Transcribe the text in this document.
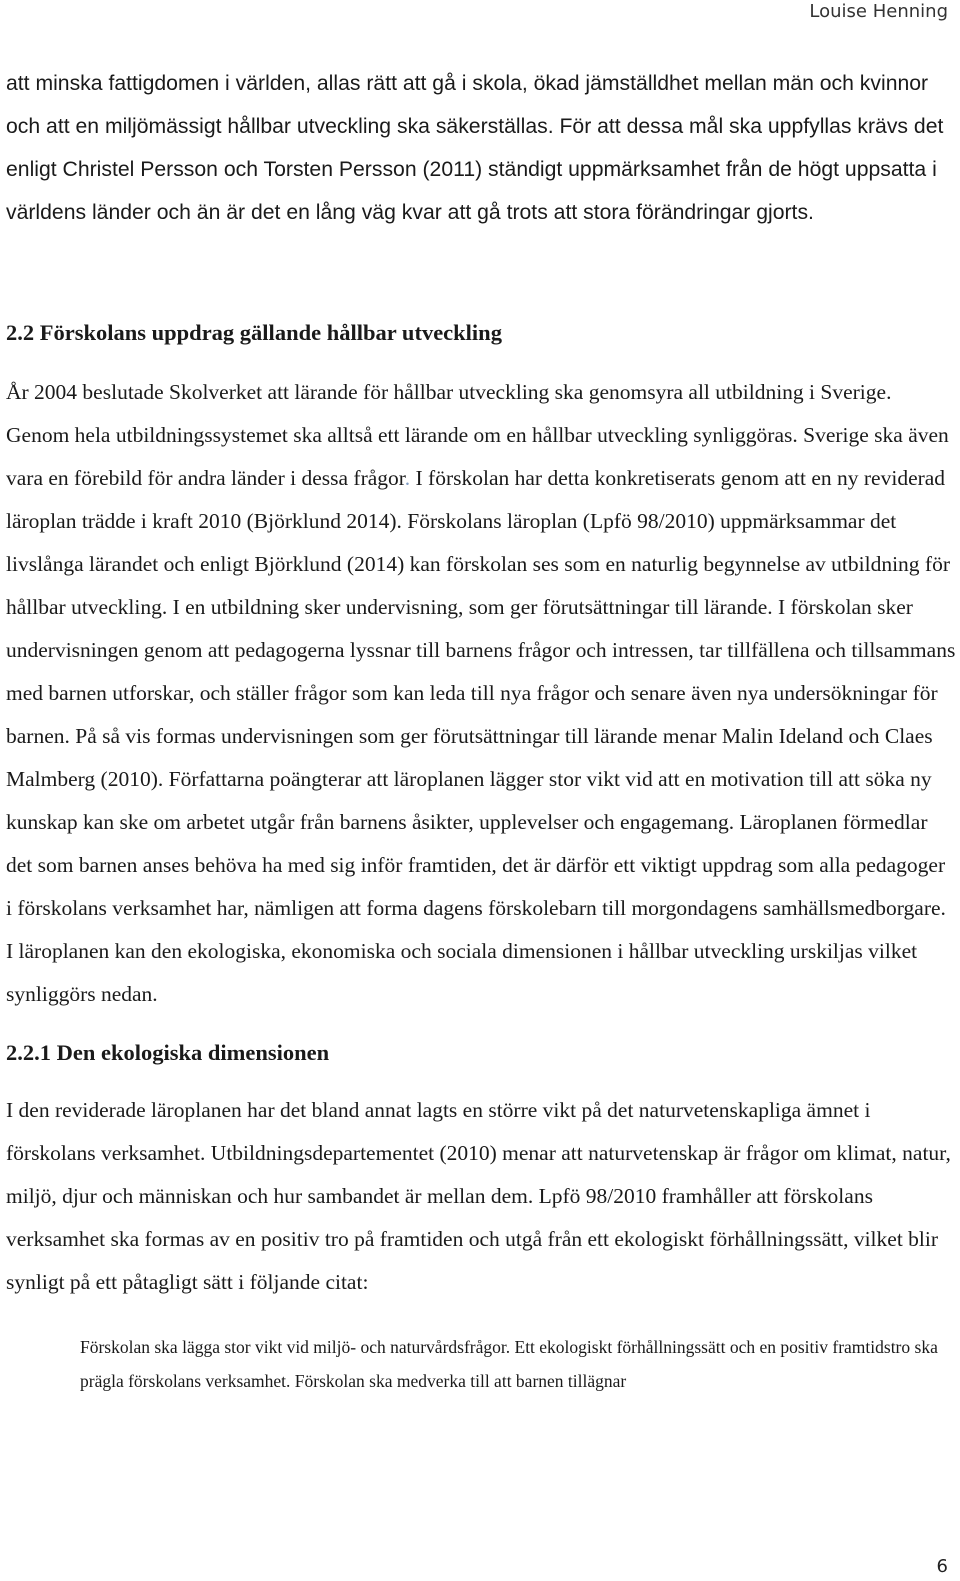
Louise Henning

att minska fattigdomen i världen, allas rätt att gå i skola, ökad jämställdhet mellan män och kvinnor och att en miljömässigt hållbar utveckling ska säkerställas. För att dessa mål ska uppfyllas krävs det enligt Christel Persson och Torsten Persson (2011) ständigt uppmärksamhet från de högt uppsatta i världens länder och än är det en lång väg kvar att gå trots att stora förändringar gjorts.

2.2 Förskolans uppdrag gällande hållbar utveckling

År 2004 beslutade Skolverket att lärande för hållbar utveckling ska genomsyra all utbildning i Sverige. Genom hela utbildningssystemet ska alltså ett lärande om en hållbar utveckling synliggöras. Sverige ska även vara en förebild för andra länder i dessa frågor. I förskolan har detta konkretiserats genom att en ny reviderad läroplan trädde i kraft 2010 (Björklund 2014). Förskolans läroplan (Lpfö 98/2010) uppmärksammar det livslånga lärandet och enligt Björklund (2014) kan förskolan ses som en naturlig begynnelse av utbildning för hållbar utveckling. I en utbildning sker undervisning, som ger förutsättningar till lärande. I förskolan sker undervisningen genom att pedagogerna lyssnar till barnens frågor och intressen, tar tillfällena och tillsammans med barnen utforskar, och ställer frågor som kan leda till nya frågor och senare även nya undersökningar för barnen. På så vis formas undervisningen som ger förutsättningar till lärande menar Malin Ideland och Claes Malmberg (2010). Författarna poängterar att läroplanen lägger stor vikt vid att en motivation till att söka ny kunskap kan ske om arbetet utgår från barnens åsikter, upplevelser och engagemang. Läroplanen förmedlar det som barnen anses behöva ha med sig inför framtiden, det är därför ett viktigt uppdrag som alla pedagoger i förskolans verksamhet har, nämligen att forma dagens förskolebarn till morgondagens samhällsmedborgare. I läroplanen kan den ekologiska, ekonomiska och sociala dimensionen i hållbar utveckling urskiljas vilket synliggörs nedan.

2.2.1 Den ekologiska dimensionen

I den reviderade läroplanen har det bland annat lagts en större vikt på det naturvetenskapliga ämnet i förskolans verksamhet. Utbildningsdepartementet (2010) menar att naturvetenskap är frågor om klimat, natur, miljö, djur och människan och hur sambandet är mellan dem. Lpfö 98/2010 framhåller att förskolans verksamhet ska formas av en positiv tro på framtiden och utgå från ett ekologiskt förhållningssätt, vilket blir synligt på ett påtagligt sätt i följande citat:

Förskolan ska lägga stor vikt vid miljö- och naturvårdsfrågor. Ett ekologiskt förhållningssätt och en positiv framtidstro ska prägla förskolans verksamhet. Förskolan ska medverka till att barnen tillägnar
6
